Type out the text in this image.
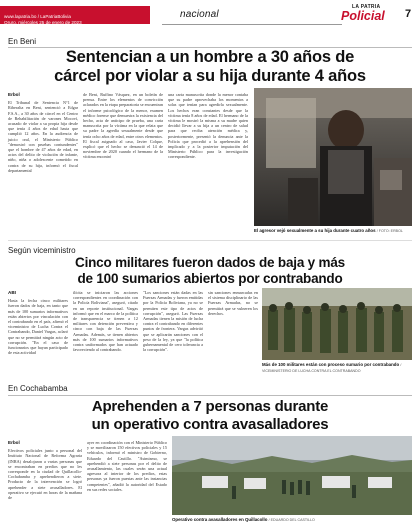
www.lapatria.bo / LaPatriaBolivia
Oruro, miércoles 25 de enero de 2023
nacional
LA PATRIA
Policial	7
En Beni
Sentencian a un hombre a 30 años de
cárcel por violar a su hija durante 4 años
Erbol

El Tribunal de Sentencia N°1 de Riberalta en Beni, sentenció a Edgar F.S.A., a 30 años de cárcel en el Centro de Rehabilitación de varones Mocoví, acusado de violar a su propia hija desde que tenía 4 años de edad hasta que cumplió 12 años. En la audiencia de juicio oral, el Ministerio Público "demostró con pruebas contundentes" que el hombre de 47 años de edad, en actos del delito de violación de infante, niño, niña o adolescente cometido en contra de su hija, informó el fiscal departamental

de Beni, Ruffino Vásquez, en un boletín de prensa. Entre los elementos de convicción aclarados en la etapa preparatoria se encuentran el informe psicológico de la menor, examen médico forense que demuestra la existencia del hecho, acta de anticipo de prueba, una carta manuscrita por la víctima en la que relata que su padre la agredía sexualmente desde que tenía ocho años de edad, entre otros elementos. El fiscal asignado al caso, Javier Colque, explicó que el hecho se denunció el 14 de noviembre de 2020 cuando el hermano de la víctima encontró

una carta manuscrita donde la menor contaba que su padre aprovechaba los momentos a solas que tenían para agredirla sexualmente. Los hechos eran constantes desde que la víctima tenía 8 años de edad. El hermano de la víctima le mostró la misma a su madre quien decidió llevar a su hija a un centro de salud para que reciba atención médica y, posteriormente, presentó la denuncia ante la Policía que procedió a la aprehensión del implicado y a la posterior imputación del Ministerio Público para la investigación correspondiente.

El agresor vejó sexualmente a su hija durante cuatro años / FOTO: ERBOL
Según viceministro
Cinco militares fueron dados de baja y más
de 100 sumarios abiertos por contrabando
ABI

Hasta la fecha cinco militares fueron dados de baja, en tanto que más de 100 sumarios informativos están abiertos por vinculación con el contrabando en el país, afirmó el viceministro de Lucha Contra el Contrabando, Daniel Vargas, aclaró que no se permitirá ningún acto de corrupción. "En el caso de funcionarios que hayan participado de esta actividad

ilícita se iniciaron las acciones correspondientes en coordinación con la Policía Boliviana", aseguró, citado en un reporte institucional. Vargas informó que en el marco de la política de transparencia se tienen a 12 militares con detención preventiva y cinco con baja de las Fuerzas Armadas. Además, se tienen abiertos más de 100 sumarios informativos contra uniformados que han actuado favoreciendo al contrabando.

"Los sanciones están dadas en las Fuerzas Armadas y fueron emitidas por la Policía Boliviana, ya no se permiten este tipo de actos de corrupción", aseguró. Las Fuerzas Armadas tienen la misión de lucha contra el contrabando en diferentes puntos de frontera. Vargas advirtió que se aplicarán sanciones con el peso de la ley, ya que "la política gubernamental de cero tolerancia a la corrupción".

sin sanciones enmarcadas en el sistema disciplinario de las Fuerzas Armadas, no se permitirá que se vulneren los derechos.

Más de 100 militares están con proceso sumario por contrabando / VICEMINISTERIO DE LUCHA CONTRA EL CONTRABANDO
En Cochabamba
Aprehenden a 7 personas durante
un operativo contra avasalladores
Erbol

Efectivos policiales junto a personal del Instituto Nacional de Reforma Agraria (INRA) desalojaron a varias personas que se encontraban en predios que no les corresponde en la ciudad de Quillacollo-Cochabamba y aprehendieron a siete. Producto de la intervención se logró aprehender a siete avasalladores. El operativo se ejecutó en horas de la mañana de

ayer en coordinación con el Ministerio Público y se movilizaron 150 efectivos policiales y 15 vehículos, informó el ministro de Gobierno, Eduardo del Castillo. "Asimismo, se aprehendió a siete personas por el delito de avasallamiento, las cuales serán una actual agresora al interior de los predios, estas personas ya fueron puestas ante las instancias competentes", añadió la autoridad del Estado en sus redes sociales.

Operativo contra avasalladores en Quillacollo / EDUARDO DEL CASTILLO
